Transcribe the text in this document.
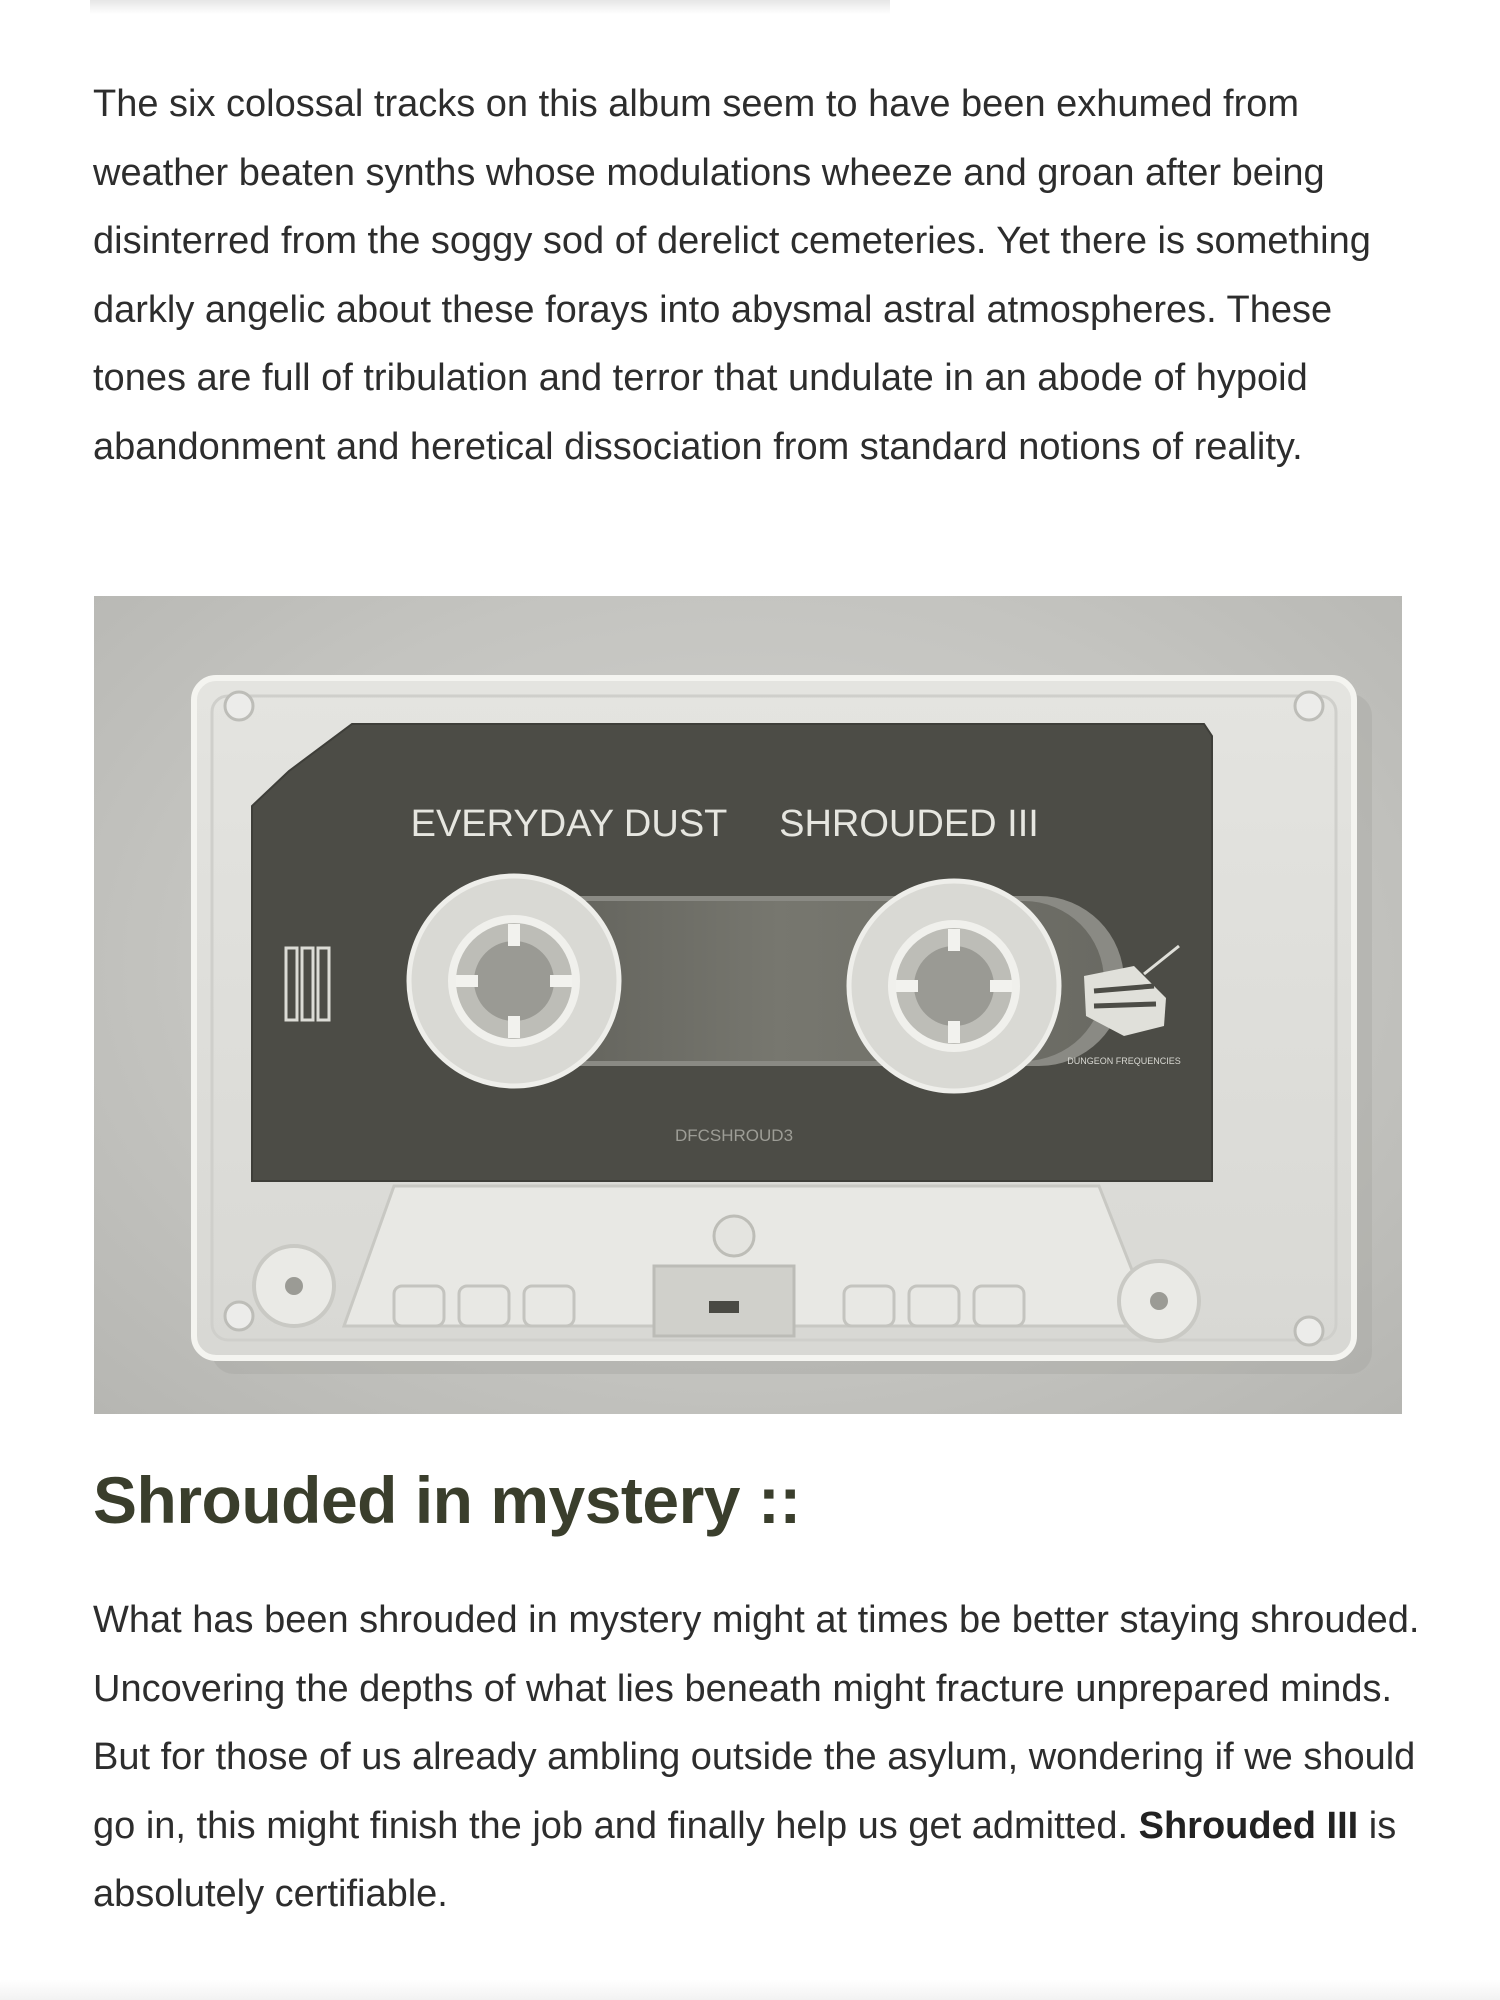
The six colossal tracks on this album seem to have been exhumed from weather beaten synths whose modulations wheeze and groan after being disinterred from the soggy sod of derelict cemeteries. Yet there is something darkly angelic about these forays into abysmal astral atmospheres. These tones are full of tribulation and terror that undulate in an abode of hypoid abandonment and heretical dissociation from standard notions of reality.

EVERYDAY DUST SHROUDED III
DFCSHROUD3
DUNGEON FREQUENCIES
Shrouded in mystery ::

What has been shrouded in mystery might at times be better staying shrouded. Uncovering the depths of what lies beneath might fracture unprepared minds. But for those of us already ambling outside the asylum, wondering if we should go in, this might finish the job and finally help us get admitted. Shrouded III is absolutely certifiable.
